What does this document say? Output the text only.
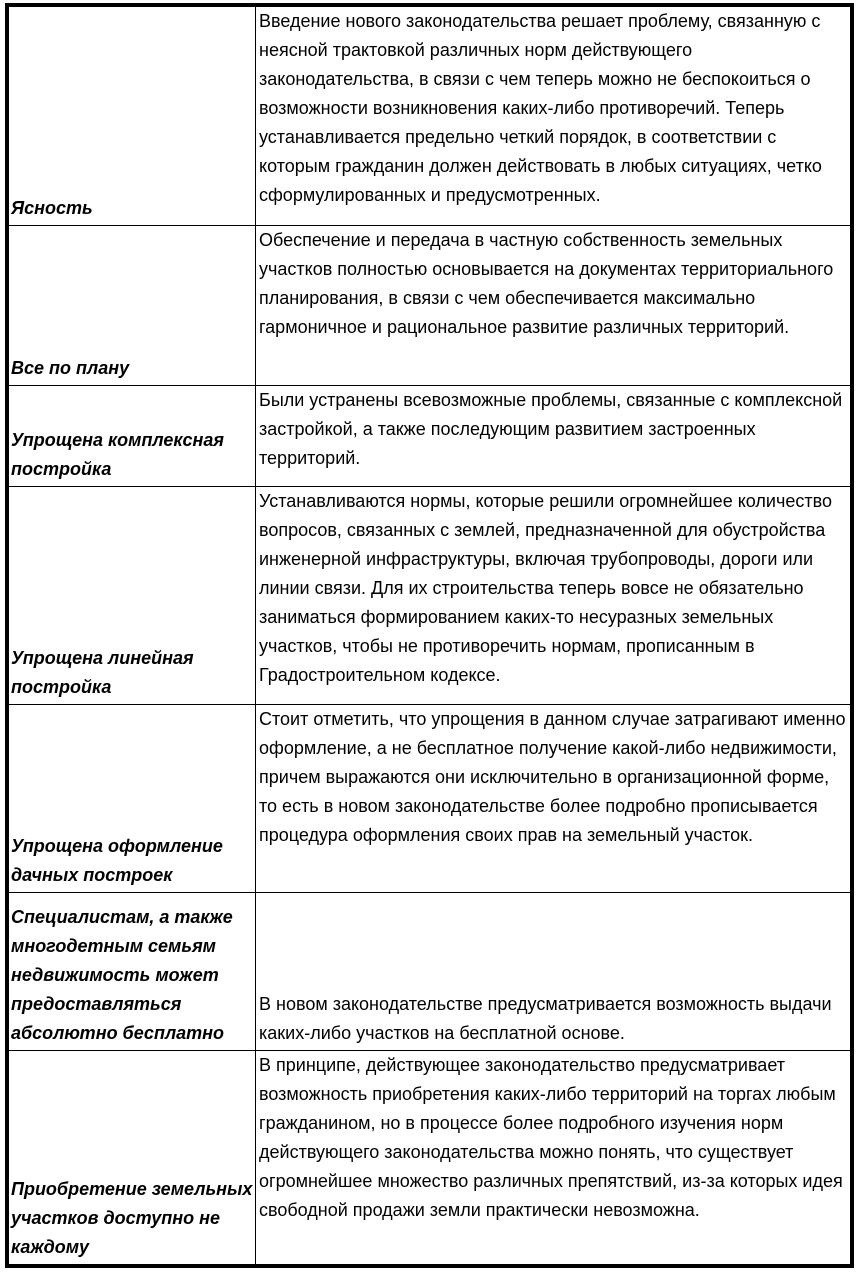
Ясность	Введение нового законодательства решает проблему, связанную с неясной трактовкой различных норм действующего законодательства, в связи с чем теперь можно не беспокоиться о возможности возникновения каких-либо противоречий. Теперь устанавливается предельно четкий порядок, в соответствии с которым гражданин должен действовать в любых ситуациях, четко сформулированных и предусмотренных.
Все по плану	Обеспечение и передача в частную собственность земельных участков полностью основывается на документах территориального планирования, в связи с чем обеспечивается максимально гармоничное и рациональное развитие различных территорий.
Упрощена комплексная постройка	Были устранены всевозможные проблемы, связанные с комплексной застройкой, а также последующим развитием застроенных территорий.
Упрощена линейная постройка	Устанавливаются нормы, которые решили огромнейшее количество вопросов, связанных с землей, предназначенной для обустройства инженерной инфраструктуры, включая трубопроводы, дороги или линии связи. Для их строительства теперь вовсе не обязательно заниматься формированием каких-то несуразных земельных участков, чтобы не противоречить нормам, прописанным в Градостроительном кодексе.
Упрощена оформление дачных построек	Стоит отметить, что упрощения в данном случае затрагивают именно оформление, а не бесплатное получение какой-либо недвижимости, причем выражаются они исключительно в организационной форме, то есть в новом законодательстве более подробно прописывается процедура оформления своих прав на земельный участок.
Специалистам, а также многодетным семьям недвижимость может предоставляться абсолютно бесплатно	В новом законодательстве предусматривается возможность выдачи каких-либо участков на бесплатной основе.
Приобретение земельных участков доступно не каждому	В принципе, действующее законодательство предусматривает возможность приобретения каких-либо территорий на торгах любым гражданином, но в процессе более подробного изучения норм действующего законодательства можно понять, что существует огромнейшее множество различных препятствий, из-за которых идея свободной продажи земли практически невозможна.
